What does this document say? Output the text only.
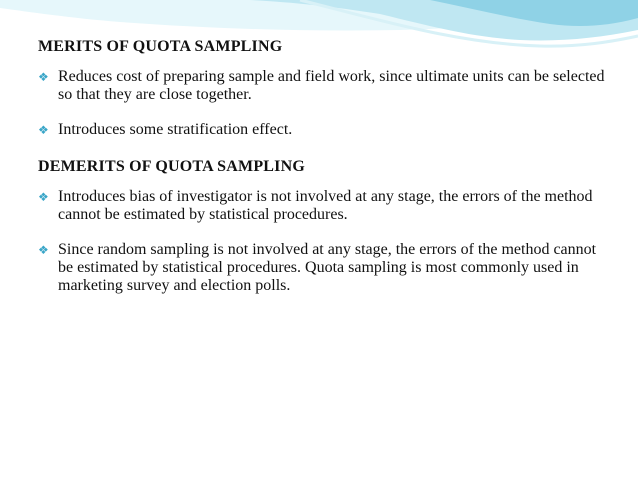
MERITS OF QUOTA SAMPLING
❖ Reduces cost of preparing sample and field work, since ultimate units can be selected so that they are close together.
❖ Introduces some stratification effect.
DEMERITS OF QUOTA SAMPLING
❖ Introduces bias of investigator is not involved at any stage, the errors of the method cannot be estimated by statistical procedures.
❖ Since random sampling is not involved at any stage, the errors of the method cannot be estimated by statistical procedures. Quota sampling is most commonly used in marketing survey and election polls.
